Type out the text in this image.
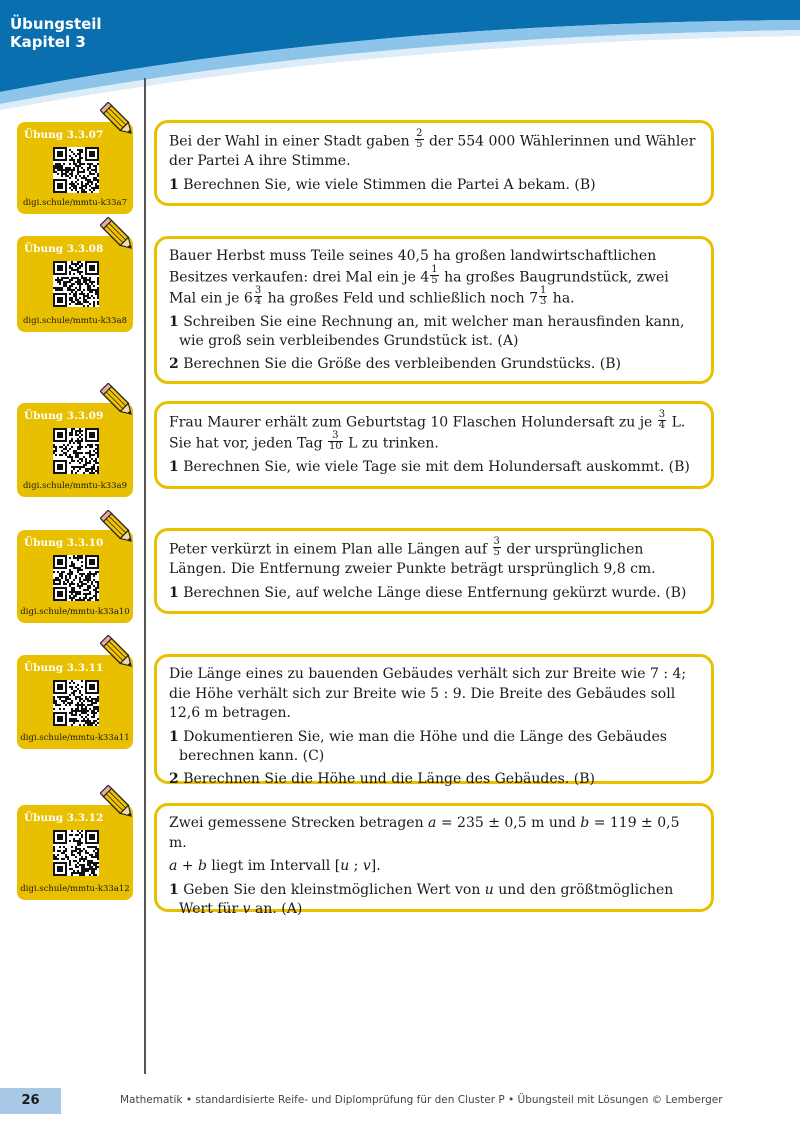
Übungsteil
Kapitel 3
Übung 3.3.07
digi.schule/mmtu-k33a7

Bei der Wahl in einer Stadt gaben $\frac{2}{5}$ der 554 000 Wählerinnen und Wähler der Partei A ihre Stimme.

1 Berechnen Sie, wie viele Stimmen die Partei A bekam. (B)

Übung 3.3.08
digi.schule/mmtu-k33a8

Bauer Herbst muss Teile seines 40,5 ha großen landwirtschaftlichen Besitzes verkaufen: drei Mal ein je $4 \frac{1}{5}$ ha großes Baugrundstück, zwei Mal ein je $6 \frac{3}{4}$ ha großes Feld und schließlich noch $7 \frac{1}{3}$ ha.

1 Schreiben Sie eine Rechnung an, mit welcher man herausfinden kann, wie groß sein verbleibendes Grundstück ist. (A)

2 Berechnen Sie die Größe des verbleibenden Grundstücks. (B)

Übung 3.3.09
digi.schule/mmtu-k33a9

Frau Maurer erhält zum Geburtstag 10 Flaschen Holundersaft zu je $\frac{3}{4} L$. Sie hat vor, jeden Tag $\frac{3}{10}$ L zu trinken.

1 Berechnen Sie, wie viele Tage sie mit dem Holundersaft auskommt. (B)

Übung 3.3.10
digi.schule/mmtu-k33a10

Peter verkürzt in einem Plan alle Längen auf $\frac{3}{5}$ der ursprünglichen Längen. Die Entfernung zweier Punkte beträgt ursprünglich 9,8 cm.

1 Berechnen Sie, auf welche Länge diese Entfernung gekürzt wurde. (B)

Übung 3.3.11
digi.schule/mmtu-k33a11

Die Länge eines zu bauenden Gebäudes verhält sich zur Breite wie 7 : 4; die Höhe verhält sich zur Breite wie 5 : 9. Die Breite des Gebäudes soll 12,6 m betragen.

1 Dokumentieren Sie, wie man die Höhe und die Länge des Gebäudes berechnen kann. (C)

2 Berechnen Sie die Höhe und die Länge des Gebäudes. (B)

Übung 3.3.12
digi.schule/mmtu-k33a12

Zwei gemessene Strecken betragen a = 235 ± 0,5 m und b = 119 ± 0,5 m.

a + b liegt im Intervall [u ; v].

1 Geben Sie den kleinstmöglichen Wert von u und den größtmöglichen Wert für v an. (A)

26	Mathematik • standardisierte Reife- und Diplomprüfung für den Cluster P • Übungsteil mit Lösungen © Lemberger
